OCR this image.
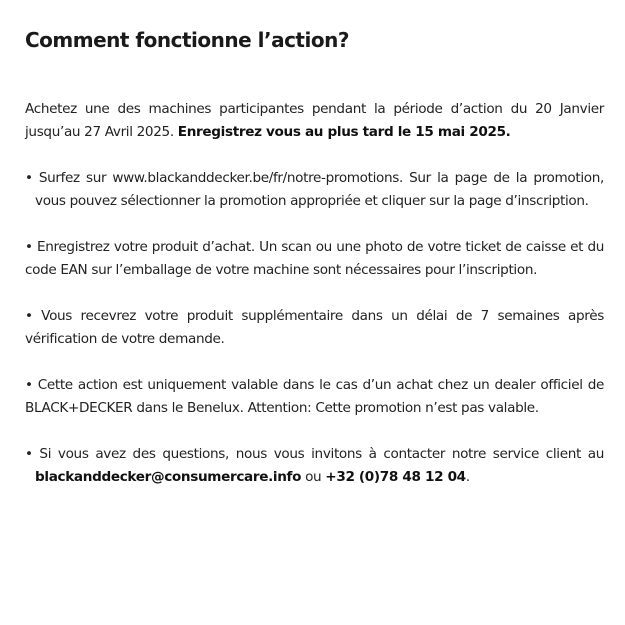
Comment fonctionne l’action?

Achetez une des machines participantes pendant la période d’action du 20 Janvier jusqu’au 27 Avril 2025. Enregistrez vous au plus tard le 15 mai 2025.

• Surfez sur www.blackanddecker.be/fr/notre-promotions. Sur la page de la promotion, vous pouvez sélectionner la promotion appropriée et cliquer sur la page d’inscription.

• Enregistrez votre produit d’achat. Un scan ou une photo de votre ticket de caisse et du code EAN sur l’emballage de votre machine sont nécessaires pour l’inscription.

• Vous recevrez votre produit supplémentaire dans un délai de 7 semaines après vérification de votre demande.

• Cette action est uniquement valable dans le cas d’un achat chez un dealer officiel de BLACK+DECKER dans le Benelux. Attention: Cette promotion n’est pas valable.

• Si vous avez des questions, nous vous invitons à contacter notre service client au blackanddecker@consumercare.info ou +32 (0)78 48 12 04.
